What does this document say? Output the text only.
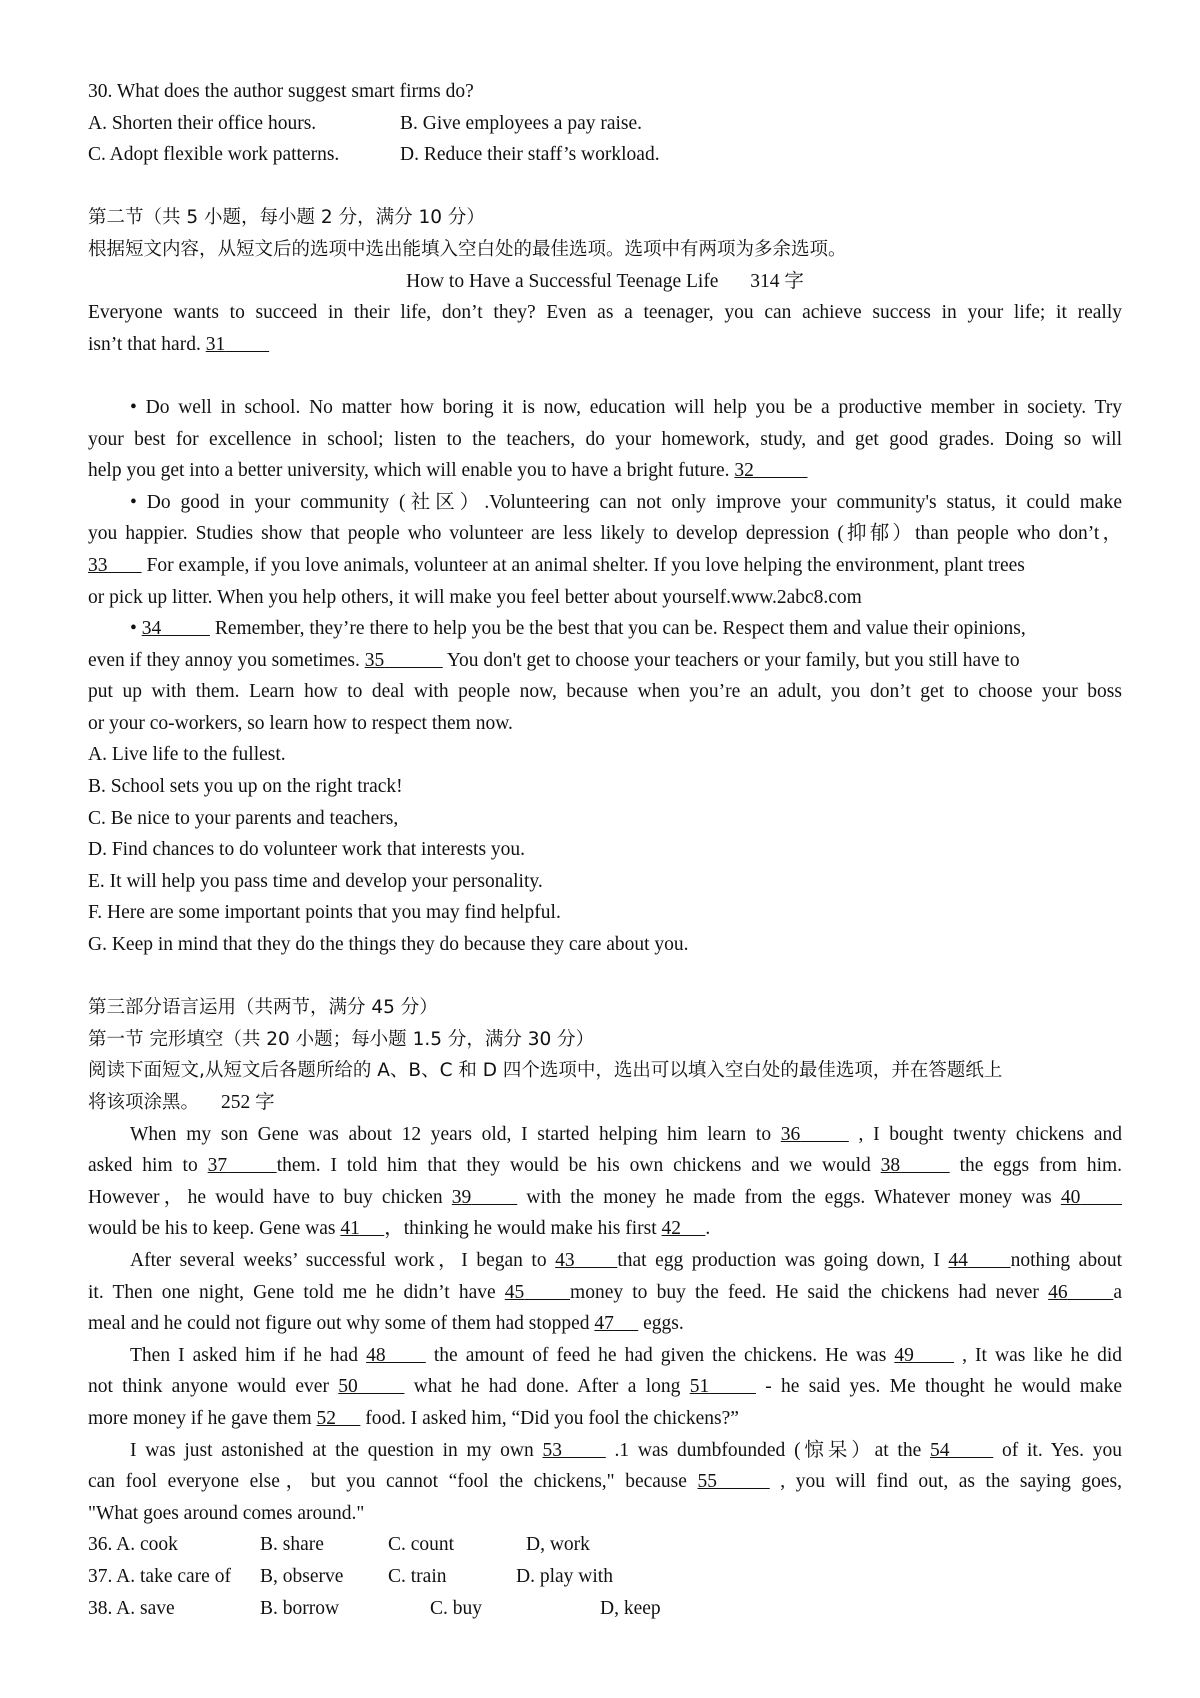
30. What does the author suggest smart firms do?
A. Shorten their office hours.	B. Give employees a pay raise.
C. Adopt flexible work patterns.	D. Reduce their staff’s workload.
第二节（共 5 小题，每小题 2 分，满分 10 分）
根据短文内容，从短文后的选项中选出能填入空白处的最佳选项。选项中有两项为多余选项。
How to Have a Successful Teenage Life 314 字
Everyone wants to succeed in their life, don’t they? Even as a teenager, you can achieve success in your life; it really
isn’t that hard. 31
• Do well in school. No matter how boring it is now, education will help you be a productive member in society. Try
your best for excellence in school; listen to the teachers, do your homework, study, and get good grades. Doing so will
help you get into a better university, which will enable you to have a bright future. 32
• Do good in your community (社区）.Volunteering can not only improve your community's status, it could make
you happier. Studies show that people who volunteer are less likely to develop depression (抑郁）than people who don’t，
33        For example, if you love animals, volunteer at an animal shelter. If you love helping the environment, plant trees
or pick up litter. When you help others, it will make you feel better about yourself.www.2abc8.com
• 34	Remember, they’re there to help you be the best that you can be. Respect them and value their opinions,
even if they annoy you sometimes. 35	You don't get to choose your teachers or your family, but you still have to
put up with them. Learn how to deal with people now, because when you’re an adult, you don’t get to choose your boss
or your co-workers, so learn how to respect them now.
A. Live life to the fullest.
B. School sets you up on the right track!
C. Be nice to your parents and teachers,
D. Find chances to do volunteer work that interests you.
E. It will help you pass time and develop your personality.
F. Here are some important points that you may find helpful.
G. Keep in mind that they do the things they do because they care about you.
第三部分语言运用（共两节，满分 45 分）
第一节 完形填空（共 20 小题；每小题 1.5 分，满分 30 分）
阅读下面短文,从短文后各题所给的 A、B、C 和 D 四个选项中，选出可以填入空白处的最佳选项，并在答题纸上
将该项涂黑。 252 字
When my son Gene was about 12 years old, I started helping him learn to 36      , I bought twenty chickens and
asked him to 37	them. I told him that they would be his own chickens and we would 38	the eggs from him.
However，he would have to buy chicken 39      with the money he made from the eggs. Whatever money was 40
would be his to keep. Gene was 41 ，thinking he would make his first 42 .
After several weeks’ successful work，I began to 43 that egg production was going down, I 44 nothing about
it. Then one night, Gene told me he didn’t have 45 money to buy the feed. He said the chickens had never 46 a
meal and he could not figure out why some of them had stopped 47      eggs.
Then I asked him if he had 48      the amount of feed he had given the chickens. He was 49      , It was like he did
not think anyone would ever 50      what he had done. After a long 51      - he said yes. Me thought he would make
more money if he gave them 52      food. I asked him, “Did you fool the chickens?”
I was just astonished at the question in my own 53      .1 was dumbfounded (惊呆）at the 54      of it. Yes. you
can fool everyone else，but you cannot “fool the chickens," because 55	, you will find out, as the saying goes,
"What goes around comes around."
36. A. cook	B. share	C. count	D, work
37. A. take care of B, observe C. train	D. play with
38. A. save	B. borrow	C. buy	D, keep
